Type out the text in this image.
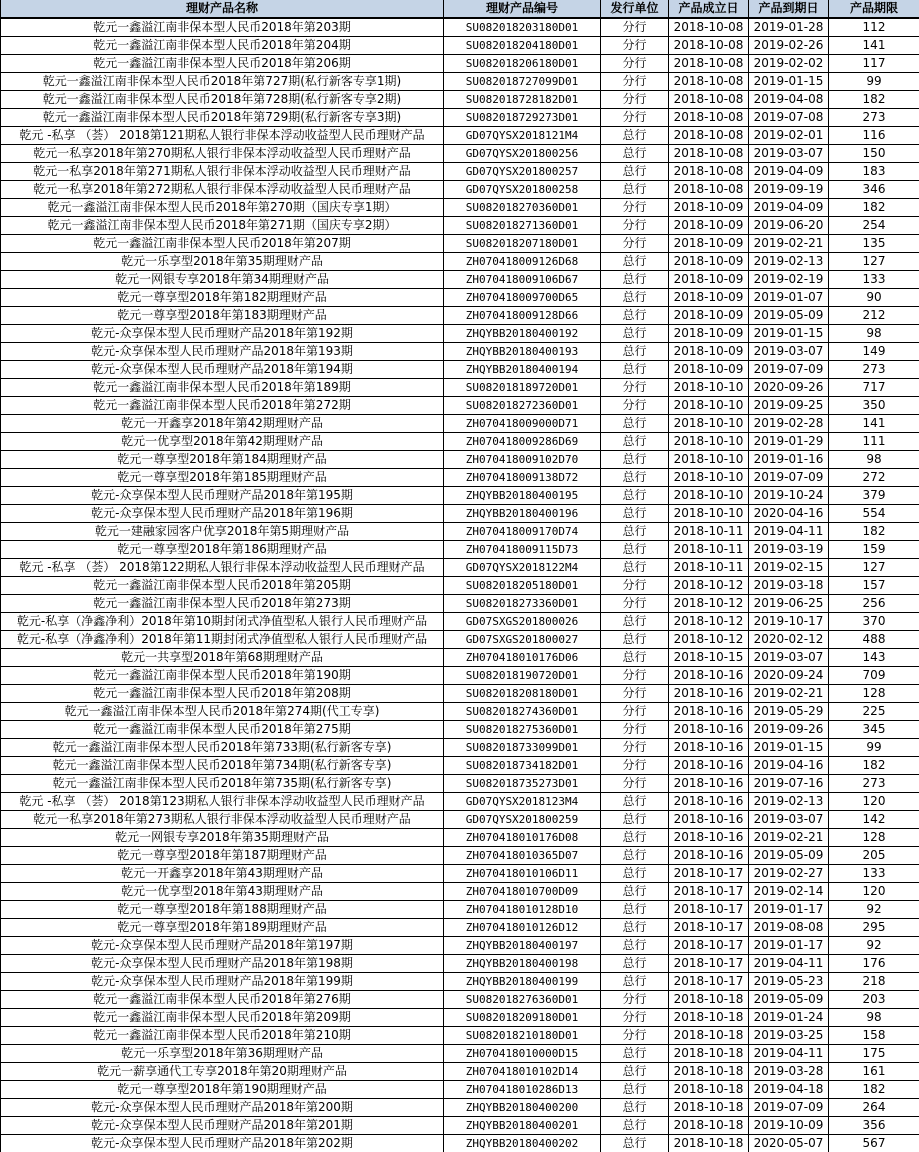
理财产品名称	理财产品编号	发行单位	产品成立日	产品到期日	产品期限
乾元一鑫溢江南非保本型人民币2018年第203期	SU082018203180D01	分行	2018-10-08	2019-01-28	112
乾元一鑫溢江南非保本型人民币2018年第204期	SU082018204180D01	分行	2018-10-08	2019-02-26	141
乾元一鑫溢江南非保本型人民币2018年第206期	SU082018206180D01	分行	2018-10-08	2019-02-02	117
乾元一鑫溢江南非保本型人民币2018年第727期(私行新客专享1期)	SU082018727099D01	分行	2018-10-08	2019-01-15	99
乾元一鑫溢江南非保本型人民币2018年第728期(私行新客专享2期)	SU082018728182D01	分行	2018-10-08	2019-04-08	182
乾元一鑫溢江南非保本型人民币2018年第729期(私行新客专享3期)	SU082018729273D01	分行	2018-10-08	2019-07-08	273
乾元 -私享 （荟） 2018第121期私人银行非保本浮动收益型人民币理财产品	GD07QYSX2018121M4	总行	2018-10-08	2019-02-01	116
乾元一私享2018年第270期私人银行非保本浮动收益型人民币理财产品	GD07QYSX201800256	总行	2018-10-08	2019-03-07	150
乾元一私享2018年第271期私人银行非保本浮动收益型人民币理财产品	GD07QYSX201800257	总行	2018-10-08	2019-04-09	183
乾元一私享2018年第272期私人银行非保本浮动收益型人民币理财产品	GD07QYSX201800258	总行	2018-10-08	2019-09-19	346
乾元一鑫溢江南非保本型人民币2018年第270期（国庆专享1期）	SU082018270360D01	分行	2018-10-09	2019-04-09	182
乾元一鑫溢江南非保本型人民币2018年第271期（国庆专享2期）	SU082018271360D01	分行	2018-10-09	2019-06-20	254
乾元一鑫溢江南非保本型人民币2018年第207期	SU082018207180D01	分行	2018-10-09	2019-02-21	135
乾元一乐享型2018年第35期理财产品	ZH070418009126D68	总行	2018-10-09	2019-02-13	127
乾元一网银专享2018年第34期理财产品	ZH070418009106D67	总行	2018-10-09	2019-02-19	133
乾元一尊享型2018年第182期理财产品	ZH070418009700D65	总行	2018-10-09	2019-01-07	90
乾元一尊享型2018年第183期理财产品	ZH070418009128D66	总行	2018-10-09	2019-05-09	212
乾元-众享保本型人民币理财产品2018年第192期	ZHQYBB20180400192	总行	2018-10-09	2019-01-15	98
乾元-众享保本型人民币理财产品2018年第193期	ZHQYBB20180400193	总行	2018-10-09	2019-03-07	149
乾元-众享保本型人民币理财产品2018年第194期	ZHQYBB20180400194	总行	2018-10-09	2019-07-09	273
乾元一鑫溢江南非保本型人民币2018年第189期	SU082018189720D01	分行	2018-10-10	2020-09-26	717
乾元一鑫溢江南非保本型人民币2018年第272期	SU082018272360D01	分行	2018-10-10	2019-09-25	350
乾元一开鑫享2018年第42期理财产品	ZH070418009000D71	总行	2018-10-10	2019-02-28	141
乾元一优享型2018年第42期理财产品	ZH070418009286D69	总行	2018-10-10	2019-01-29	111
乾元一尊享型2018年第184期理财产品	ZH070418009102D70	总行	2018-10-10	2019-01-16	98
乾元一尊享型2018年第185期理财产品	ZH070418009138D72	总行	2018-10-10	2019-07-09	272
乾元-众享保本型人民币理财产品2018年第195期	ZHQYBB20180400195	总行	2018-10-10	2019-10-24	379
乾元-众享保本型人民币理财产品2018年第196期	ZHQYBB20180400196	总行	2018-10-10	2020-04-16	554
乾元一建融家园客户优享2018年第5期理财产品	ZH070418009170D74	总行	2018-10-11	2019-04-11	182
乾元一尊享型2018年第186期理财产品	ZH070418009115D73	总行	2018-10-11	2019-03-19	159
乾元 -私享 （荟） 2018第122期私人银行非保本浮动收益型人民币理财产品	GD07QYSX2018122M4	总行	2018-10-11	2019-02-15	127
乾元一鑫溢江南非保本型人民币2018年第205期	SU082018205180D01	分行	2018-10-12	2019-03-18	157
乾元一鑫溢江南非保本型人民币2018年第273期	SU082018273360D01	分行	2018-10-12	2019-06-25	256
乾元-私享（净鑫净利）2018年第10期封闭式净值型私人银行人民币理财产品	GD07SXGS201800026	总行	2018-10-12	2019-10-17	370
乾元-私享（净鑫净利）2018年第11期封闭式净值型私人银行人民币理财产品	GD07SXGS201800027	总行	2018-10-12	2020-02-12	488
乾元一共享型2018年第68期理财产品	ZH070418010176D06	总行	2018-10-15	2019-03-07	143
乾元一鑫溢江南非保本型人民币2018年第190期	SU082018190720D01	分行	2018-10-16	2020-09-24	709
乾元一鑫溢江南非保本型人民币2018年第208期	SU082018208180D01	分行	2018-10-16	2019-02-21	128
乾元一鑫溢江南非保本型人民币2018年第274期(代工专享)	SU082018274360D01	分行	2018-10-16	2019-05-29	225
乾元一鑫溢江南非保本型人民币2018年第275期	SU082018275360D01	分行	2018-10-16	2019-09-26	345
乾元一鑫溢江南非保本型人民币2018年第733期(私行新客专享)	SU082018733099D01	分行	2018-10-16	2019-01-15	99
乾元一鑫溢江南非保本型人民币2018年第734期(私行新客专享)	SU082018734182D01	分行	2018-10-16	2019-04-16	182
乾元一鑫溢江南非保本型人民币2018年第735期(私行新客专享)	SU082018735273D01	分行	2018-10-16	2019-07-16	273
乾元 -私享 （荟） 2018第123期私人银行非保本浮动收益型人民币理财产品	GD07QYSX2018123M4	总行	2018-10-16	2019-02-13	120
乾元一私享2018年第273期私人银行非保本浮动收益型人民币理财产品	GD07QYSX201800259	总行	2018-10-16	2019-03-07	142
乾元一网银专享2018年第35期理财产品	ZH070418010176D08	总行	2018-10-16	2019-02-21	128
乾元一尊享型2018年第187期理财产品	ZH070418010365D07	总行	2018-10-16	2019-05-09	205
乾元一开鑫享2018年第43期理财产品	ZH070418010106D11	总行	2018-10-17	2019-02-27	133
乾元一优享型2018年第43期理财产品	ZH070418010700D09	总行	2018-10-17	2019-02-14	120
乾元一尊享型2018年第188期理财产品	ZH070418010128D10	总行	2018-10-17	2019-01-17	92
乾元一尊享型2018年第189期理财产品	ZH070418010126D12	总行	2018-10-17	2019-08-08	295
乾元-众享保本型人民币理财产品2018年第197期	ZHQYBB20180400197	总行	2018-10-17	2019-01-17	92
乾元-众享保本型人民币理财产品2018年第198期	ZHQYBB20180400198	总行	2018-10-17	2019-04-11	176
乾元-众享保本型人民币理财产品2018年第199期	ZHQYBB20180400199	总行	2018-10-17	2019-05-23	218
乾元一鑫溢江南非保本型人民币2018年第276期	SU082018276360D01	分行	2018-10-18	2019-05-09	203
乾元一鑫溢江南非保本型人民币2018年第209期	SU082018209180D01	分行	2018-10-18	2019-01-24	98
乾元一鑫溢江南非保本型人民币2018年第210期	SU082018210180D01	分行	2018-10-18	2019-03-25	158
乾元一乐享型2018年第36期理财产品	ZH070418010000D15	总行	2018-10-18	2019-04-11	175
乾元一薪享通代工专享2018年第20期理财产品	ZH070418010102D14	总行	2018-10-18	2019-03-28	161
乾元一尊享型2018年第190期理财产品	ZH070418010286D13	总行	2018-10-18	2019-04-18	182
乾元-众享保本型人民币理财产品2018年第200期	ZHQYBB20180400200	总行	2018-10-18	2019-07-09	264
乾元-众享保本型人民币理财产品2018年第201期	ZHQYBB20180400201	总行	2018-10-18	2019-10-09	356
乾元-众享保本型人民币理财产品2018年第202期	ZHQYBB20180400202	总行	2018-10-18	2020-05-07	567
